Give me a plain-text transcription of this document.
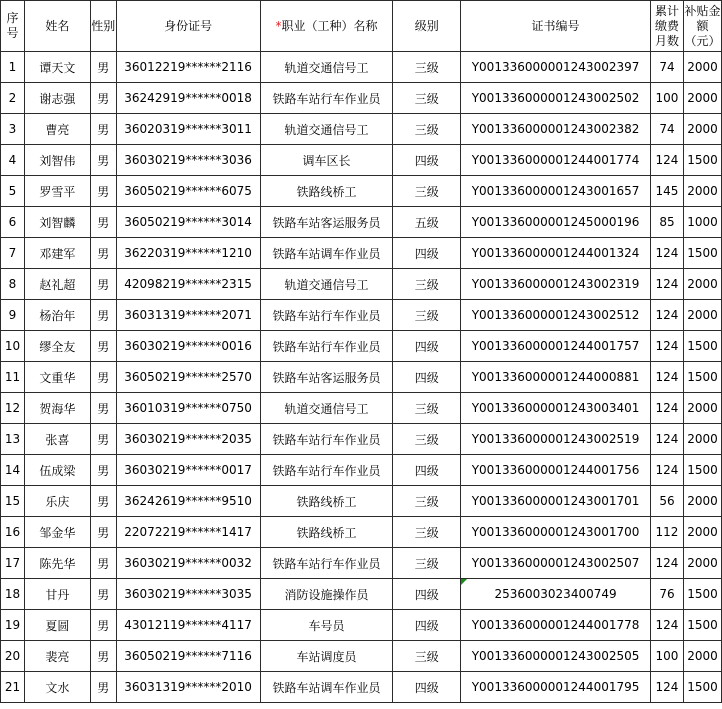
序号	姓名	性别	身份证号	*职业（工种）名称	级别	证书编号	累计缴费月数	补贴金额（元）
1	谭天文	男	36012219******2116	轨道交通信号工	三级	Y001336000001243002397	74	2000
2	谢志强	男	36242919******0018	铁路车站行车作业员	三级	Y001336000001243002502	100	2000
3	曹亮	男	36020319******3011	轨道交通信号工	三级	Y001336000001243002382	74	2000
4	刘智伟	男	36030219******3036	调车区长	四级	Y001336000001244001774	124	1500
5	罗雪平	男	36050219******6075	铁路线桥工	三级	Y001336000001243001657	145	2000
6	刘智麟	男	36050219******3014	铁路车站客运服务员	五级	Y001336000001245000196	85	1000
7	邓建军	男	36220319******1210	铁路车站调车作业员	四级	Y001336000001244001324	124	1500
8	赵礼超	男	42098219******2315	轨道交通信号工	三级	Y001336000001243002319	124	2000
9	杨治年	男	36031319******2071	铁路车站行车作业员	三级	Y001336000001243002512	124	2000
10	缪全友	男	36030219******0016	铁路车站行车作业员	四级	Y001336000001244001757	124	1500
11	文重华	男	36050219******2570	铁路车站客运服务员	四级	Y001336000001244000881	124	1500
12	贺海华	男	36010319******0750	轨道交通信号工	三级	Y001336000001243003401	124	2000
13	张喜	男	36030219******2035	铁路车站行车作业员	三级	Y001336000001243002519	124	2000
14	伍成梁	男	36030219******0017	铁路车站行车作业员	四级	Y001336000001244001756	124	1500
15	乐庆	男	36242619******9510	铁路线桥工	三级	Y001336000001243001701	56	2000
16	邹金华	男	22072219******1417	铁路线桥工	三级	Y001336000001243001700	112	2000
17	陈先华	男	36030219******0032	铁路车站行车作业员	三级	Y001336000001243002507	124	2000
18	甘丹	男	36030219******3035	消防设施操作员	四级	2536003023400749	76	1500
19	夏圆	男	43012119******4117	车号员	四级	Y001336000001244001778	124	1500
20	裴亮	男	36050219******7116	车站调度员	三级	Y001336000001243002505	100	2000
21	文水	男	36031319******2010	铁路车站调车作业员	四级	Y001336000001244001795	124	1500
